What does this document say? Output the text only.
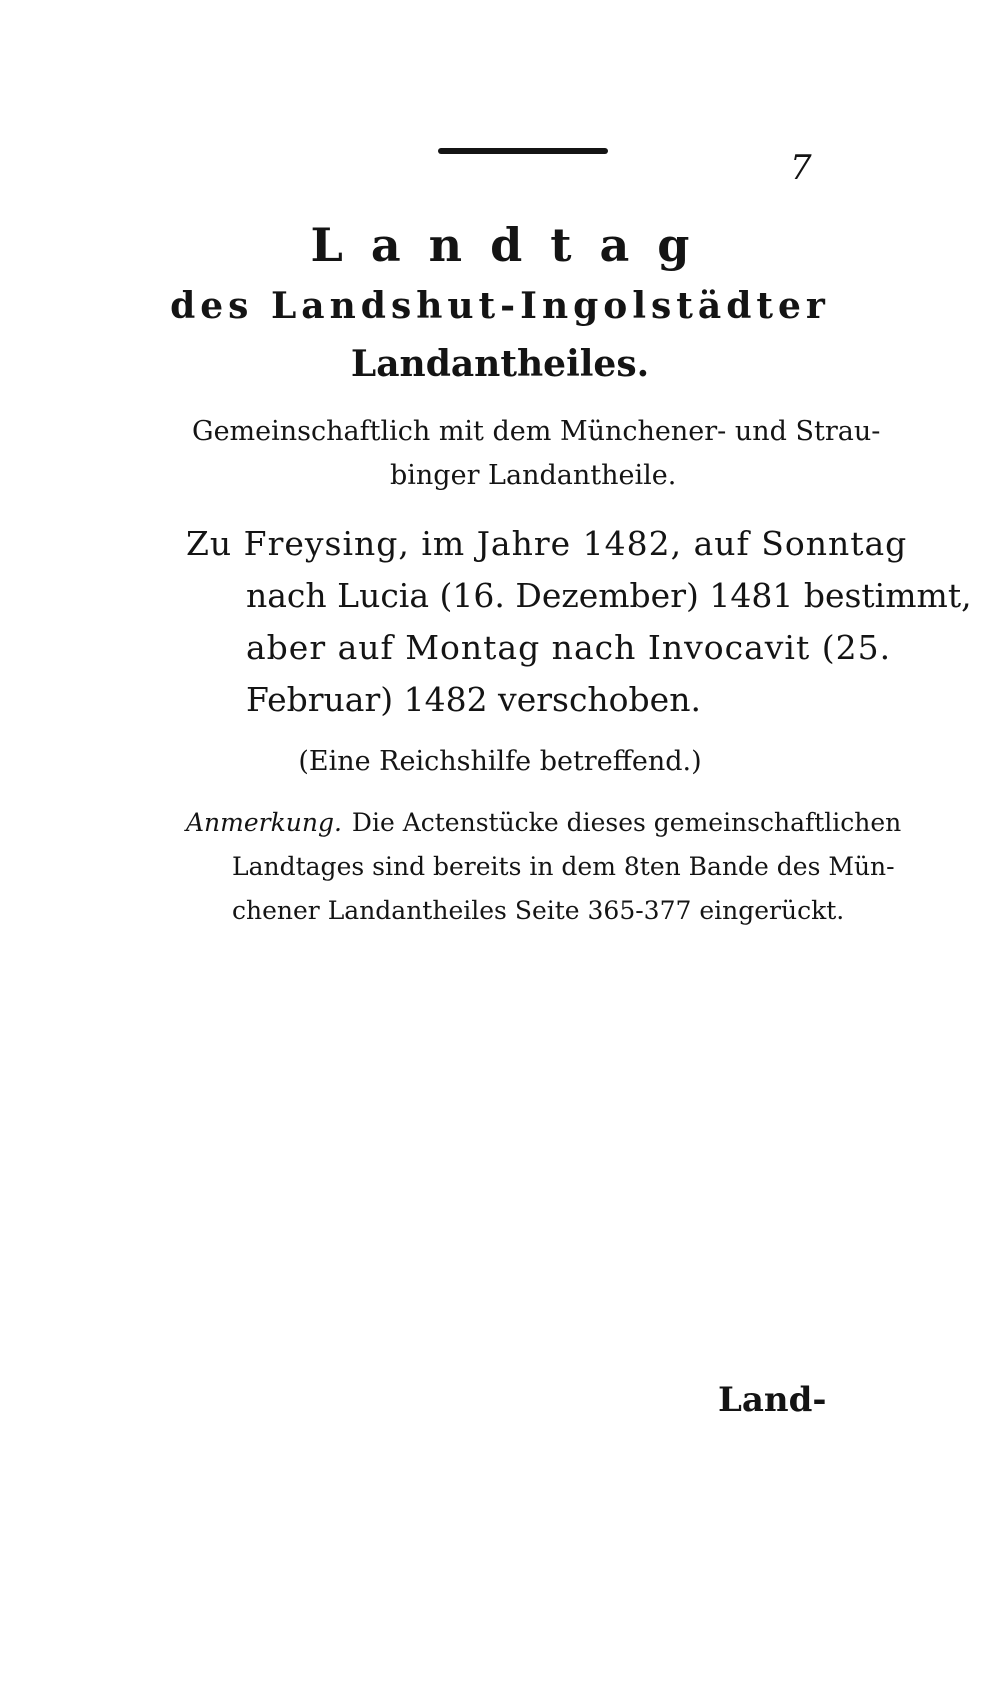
7
Landtag
des Landshut-Ingolstädter
Landantheiles.
Gemeinschaftlich mit dem Münchener- und Strau-
binger Landantheile.
Zu Freysing, im Jahre 1482, auf Sonntag
nach Lucia (16. Dezember) 1481 bestimmt,
aber auf Montag nach Invocavit (25.
Februar) 1482 verschoben.
(Eine Reichshilfe betreffend.)
Anmerkung. Die Actenstücke dieses gemeinschaftlichen
Landtages sind bereits in dem 8ten Bande des Mün-
chener Landantheiles Seite 365-377 eingerückt.
Land-
